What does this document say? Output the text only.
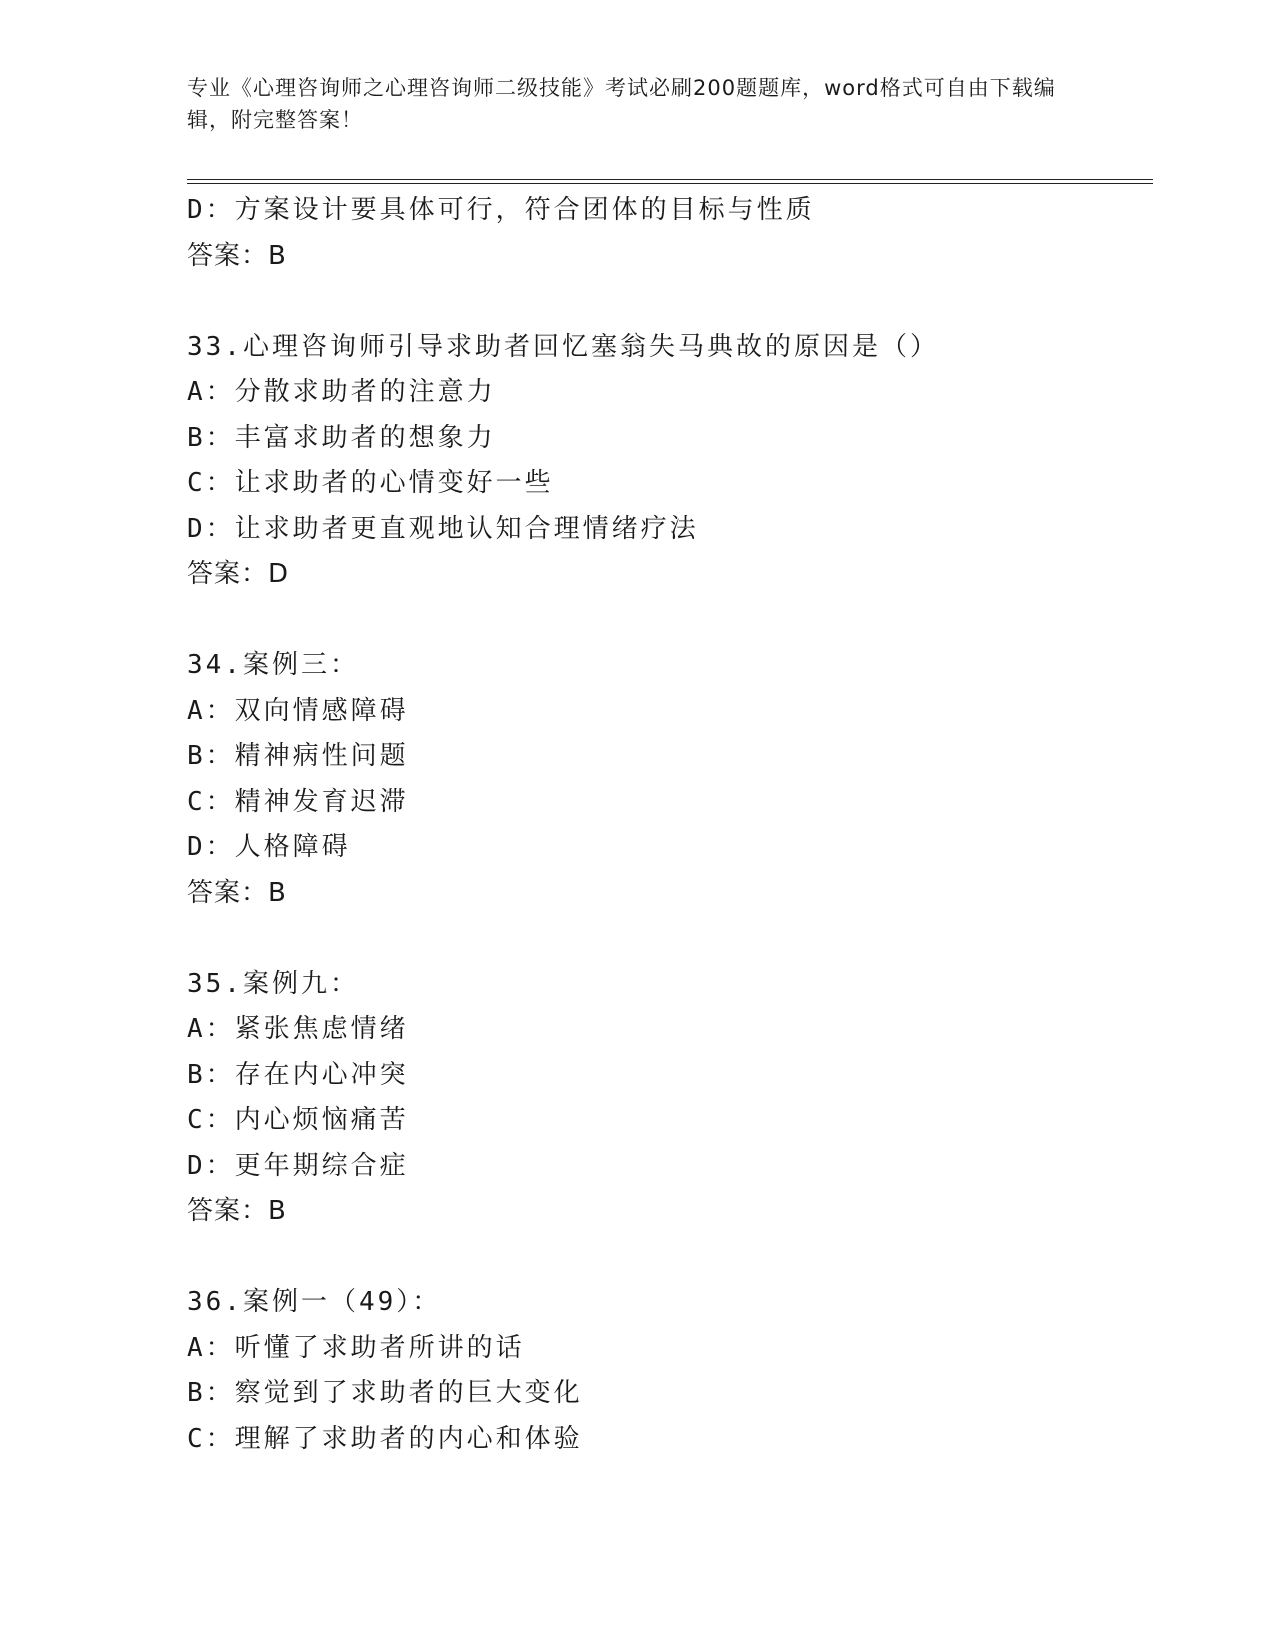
专业《心理咨询师之心理咨询师二级技能》考试必刷200题题库，word格式可自由下载编辑，附完整答案！

D：方案设计要具体可行，符合团体的目标与性质
答案：B
33.心理咨询师引导求助者回忆塞翁失马典故的原因是（）
A：分散求助者的注意力
B：丰富求助者的想象力
C：让求助者的心情变好一些
D：让求助者更直观地认知合理情绪疗法
答案：D
34.案例三：
A：双向情感障碍
B：精神病性问题
C：精神发育迟滞
D：人格障碍
答案：B
35.案例九：
A：紧张焦虑情绪
B：存在内心冲突
C：内心烦恼痛苦
D：更年期综合症
答案：B
36.案例一（49）：
A：听懂了求助者所讲的话
B：察觉到了求助者的巨大变化
C：理解了求助者的内心和体验
